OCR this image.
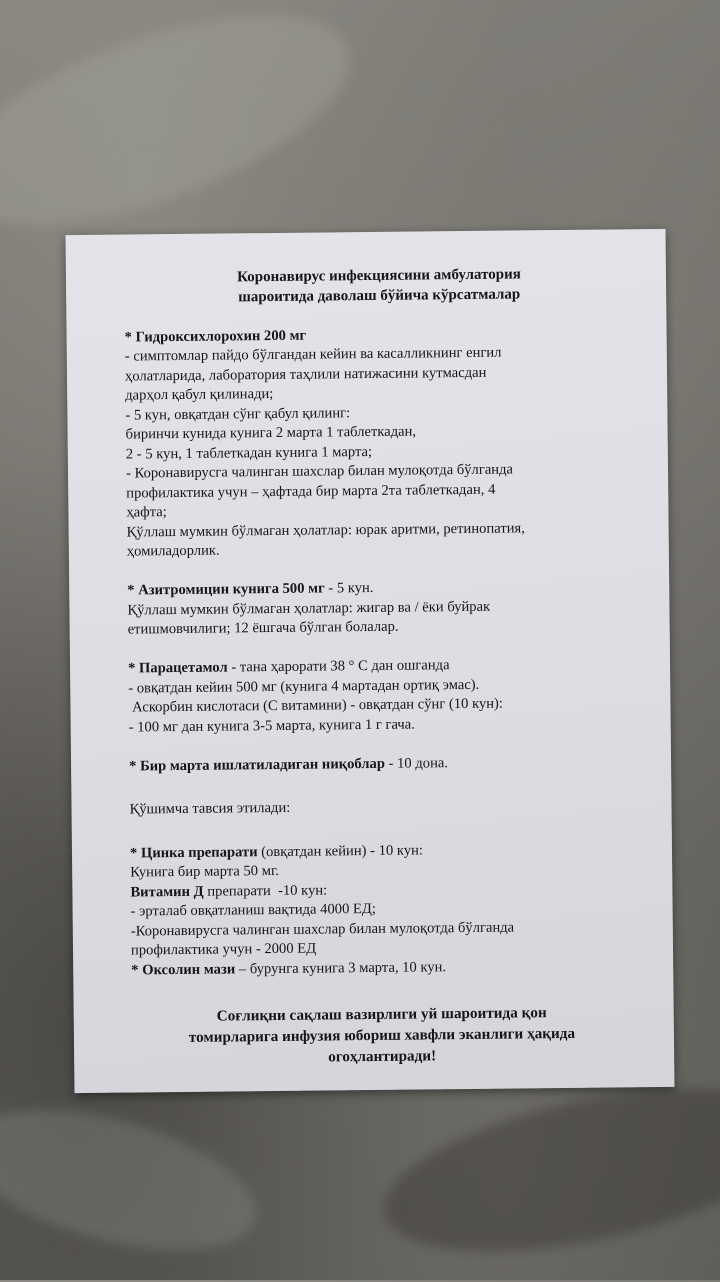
Коронавирус инфекциясини амбулатория
шароитида даволаш бўйича кўрсатмалар
* Гидроксихлорохин 200 мг
- симптомлар пайдо бўлгандан кейин ва касалликнинг енгил
ҳолатларида, лаборатория таҳлили натижасини кутмасдан
дарҳол қабул қилинади;
- 5 кун, овқатдан сўнг қабул қилинг:
биринчи кунида кунига 2 марта 1 таблеткадан,
2 - 5 кун, 1 таблеткадан кунига 1 марта;
- Коронавирусга чалинган шахслар билан мулоқотда бўлганда
профилактика учун – ҳафтада бир марта 2та таблеткадан, 4
ҳафта;
Қўллаш мумкин бўлмаган ҳолатлар: юрак аритми, ретинопатия,
ҳомиладорлик.
* Азитромицин кунига 500 мг - 5 кун.
Қўллаш мумкин бўлмаган ҳолатлар: жигар ва / ёки буйрак
етишмовчилиги; 12 ёшгача бўлган болалар.
* Парацетамол - тана ҳарорати 38 ° С дан ошганда
- овқатдан кейин 500 мг (кунига 4 мартадан ортиқ эмас).
Аскорбин кислотаси (С витамини) - овқатдан сўнг (10 кун):
- 100 мг дан кунига 3-5 марта, кунига 1 г гача.
* Бир марта ишлатиладиган ниқоблар - 10 дона.
Қўшимча тавсия этилади:
* Цинка препарати (овқатдан кейин) - 10 кун:
Кунига бир марта 50 мг.
Витамин Д препарати  -10 кун:
- эрталаб овқатланиш вақтида 4000 ЕД;
-Коронавирусга чалинган шахслар билан мулоқотда бўлганда
профилактика учун - 2000 ЕД
* Оксолин мази – бурунга кунига 3 марта, 10 кун.
Соғлиқни сақлаш вазирлиги уй шароитида қон
томирларига инфузия юбориш хавфли эканлиги ҳақида
огоҳлантиради!
